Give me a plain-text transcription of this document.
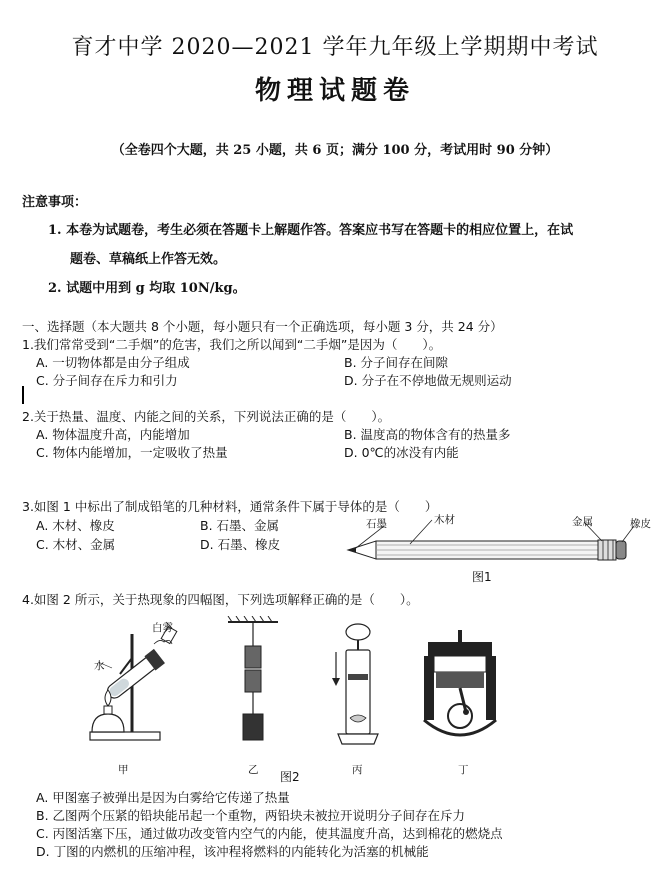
育才中学 2020—2021 学年九年级上学期期中考试
物理试题卷
（全卷四个大题，共 25 小题，共 6 页；满分 100 分，考试用时 90 分钟）
注意事项：
1. 本卷为试题卷，考生必须在答题卡上解题作答。答案应书写在答题卡的相应位置上，在试
题卷、草稿纸上作答无效。
2. 试题中用到 g 均取 10N/kg。
一、选择题（本大题共 8 个小题，每小题只有一个正确选项，每小题 3 分，共 24 分）
1.我们常常受到“二手烟”的危害，我们之所以闻到“二手烟”是因为（　　）。
A. 一切物体都是由分子组成	B. 分子间存在间隙
C. 分子间存在斥力和引力	D. 分子在不停地做无规则运动
2.关于热量、温度、内能之间的关系，下列说法正确的是（　　）。
A. 物体温度升高，内能增加	B. 温度高的物体含有的热量多
C. 物体内能增加，一定吸收了热量	D. 0℃的冰没有内能
3.如图 1 中标出了制成铅笔的几种材料，通常条件下属于导体的是（　　）
A. 木材、橡皮	B. 石墨、金属
C. 木材、金属	D. 石墨、橡皮
石墨	木材	金属	橡皮
图1
4.如图 2 所示，关于热现象的四幅图，下列选项解释正确的是（　　）。
白雾
水
甲	乙	丙	丁
图2
A. 甲图塞子被弹出是因为白雾给它传递了热量
B. 乙图两个压紧的铅块能吊起一个重物，两铅块未被拉开说明分子间存在斥力
C. 丙图活塞下压，通过做功改变管内空气的内能，使其温度升高，达到棉花的燃烧点
D. 丁图的内燃机的压缩冲程，该冲程将燃料的内能转化为活塞的机械能
